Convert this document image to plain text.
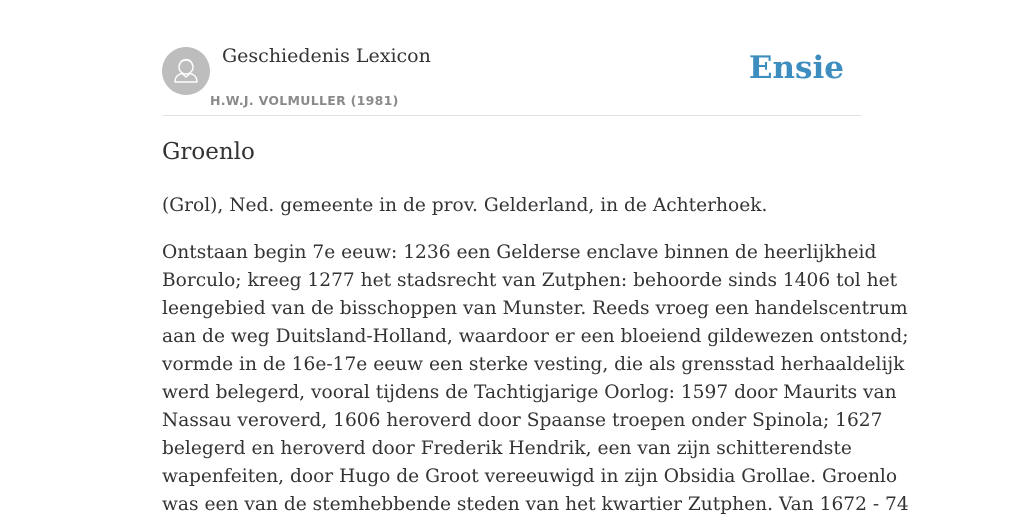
Geschiedenis Lexicon
H.W.J. VOLMULLER (1981)
Ensie
Groenlo

(Grol), Ned. gemeente in de prov. Gelderland, in de Achterhoek.

Ontstaan begin 7e eeuw: 1236 een Gelderse enclave binnen de heerlijkheid
Borculo; kreeg 1277 het stadsrecht van Zutphen: behoorde sinds 1406 tol het
leengebied van de bisschoppen van Munster. Reeds vroeg een handelscentrum
aan de weg Duitsland-Holland, waardoor er een bloeiend gildewezen ontstond;
vormde in de 16e-17e eeuw een sterke vesting, die als grensstad herhaaldelijk
werd belegerd, vooral tijdens de Tachtigjarige Oorlog: 1597 door Maurits van
Nassau veroverd, 1606 heroverd door Spaanse troepen onder Spinola; 1627
belegerd en heroverd door Frederik Hendrik, een van zijn schitterendste
wapenfeiten, door Hugo de Groot vereeuwigd in zijn Obsidia Grollae. Groenlo
was een van de stemhebbende steden van het kwartier Zutphen. Van 1672 - 74
